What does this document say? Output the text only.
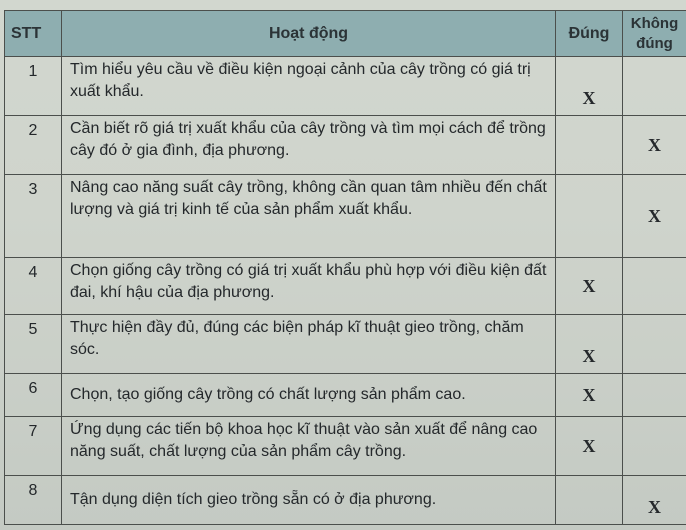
STT	Hoạt động	Đúng	Không đúng
1	Tìm hiểu yêu cầu về điều kiện ngoại cảnh của cây trồng có giá trị xuất khẩu.	X	
2	Cần biết rõ giá trị xuất khẩu của cây trồng và tìm mọi cách để trồng cây đó ở gia đình, địa phương.		X
3	Nâng cao năng suất cây trồng, không cần quan tâm nhiều đến chất lượng và giá trị kinh tế của sản phẩm xuất khẩu.		X
4	Chọn giống cây trồng có giá trị xuất khẩu phù hợp với điều kiện đất đai, khí hậu của địa phương.	X	
5	Thực hiện đầy đủ, đúng các biện pháp kĩ thuật gieo trồng, chăm sóc.	X	
6	Chọn, tạo giống cây trồng có chất lượng sản phẩm cao.	X	
7	Ứng dụng các tiến bộ khoa học kĩ thuật vào sản xuất để nâng cao năng suất, chất lượng của sản phẩm cây trồng.	X	
8	Tận dụng diện tích gieo trồng sẵn có ở địa phương.		X
